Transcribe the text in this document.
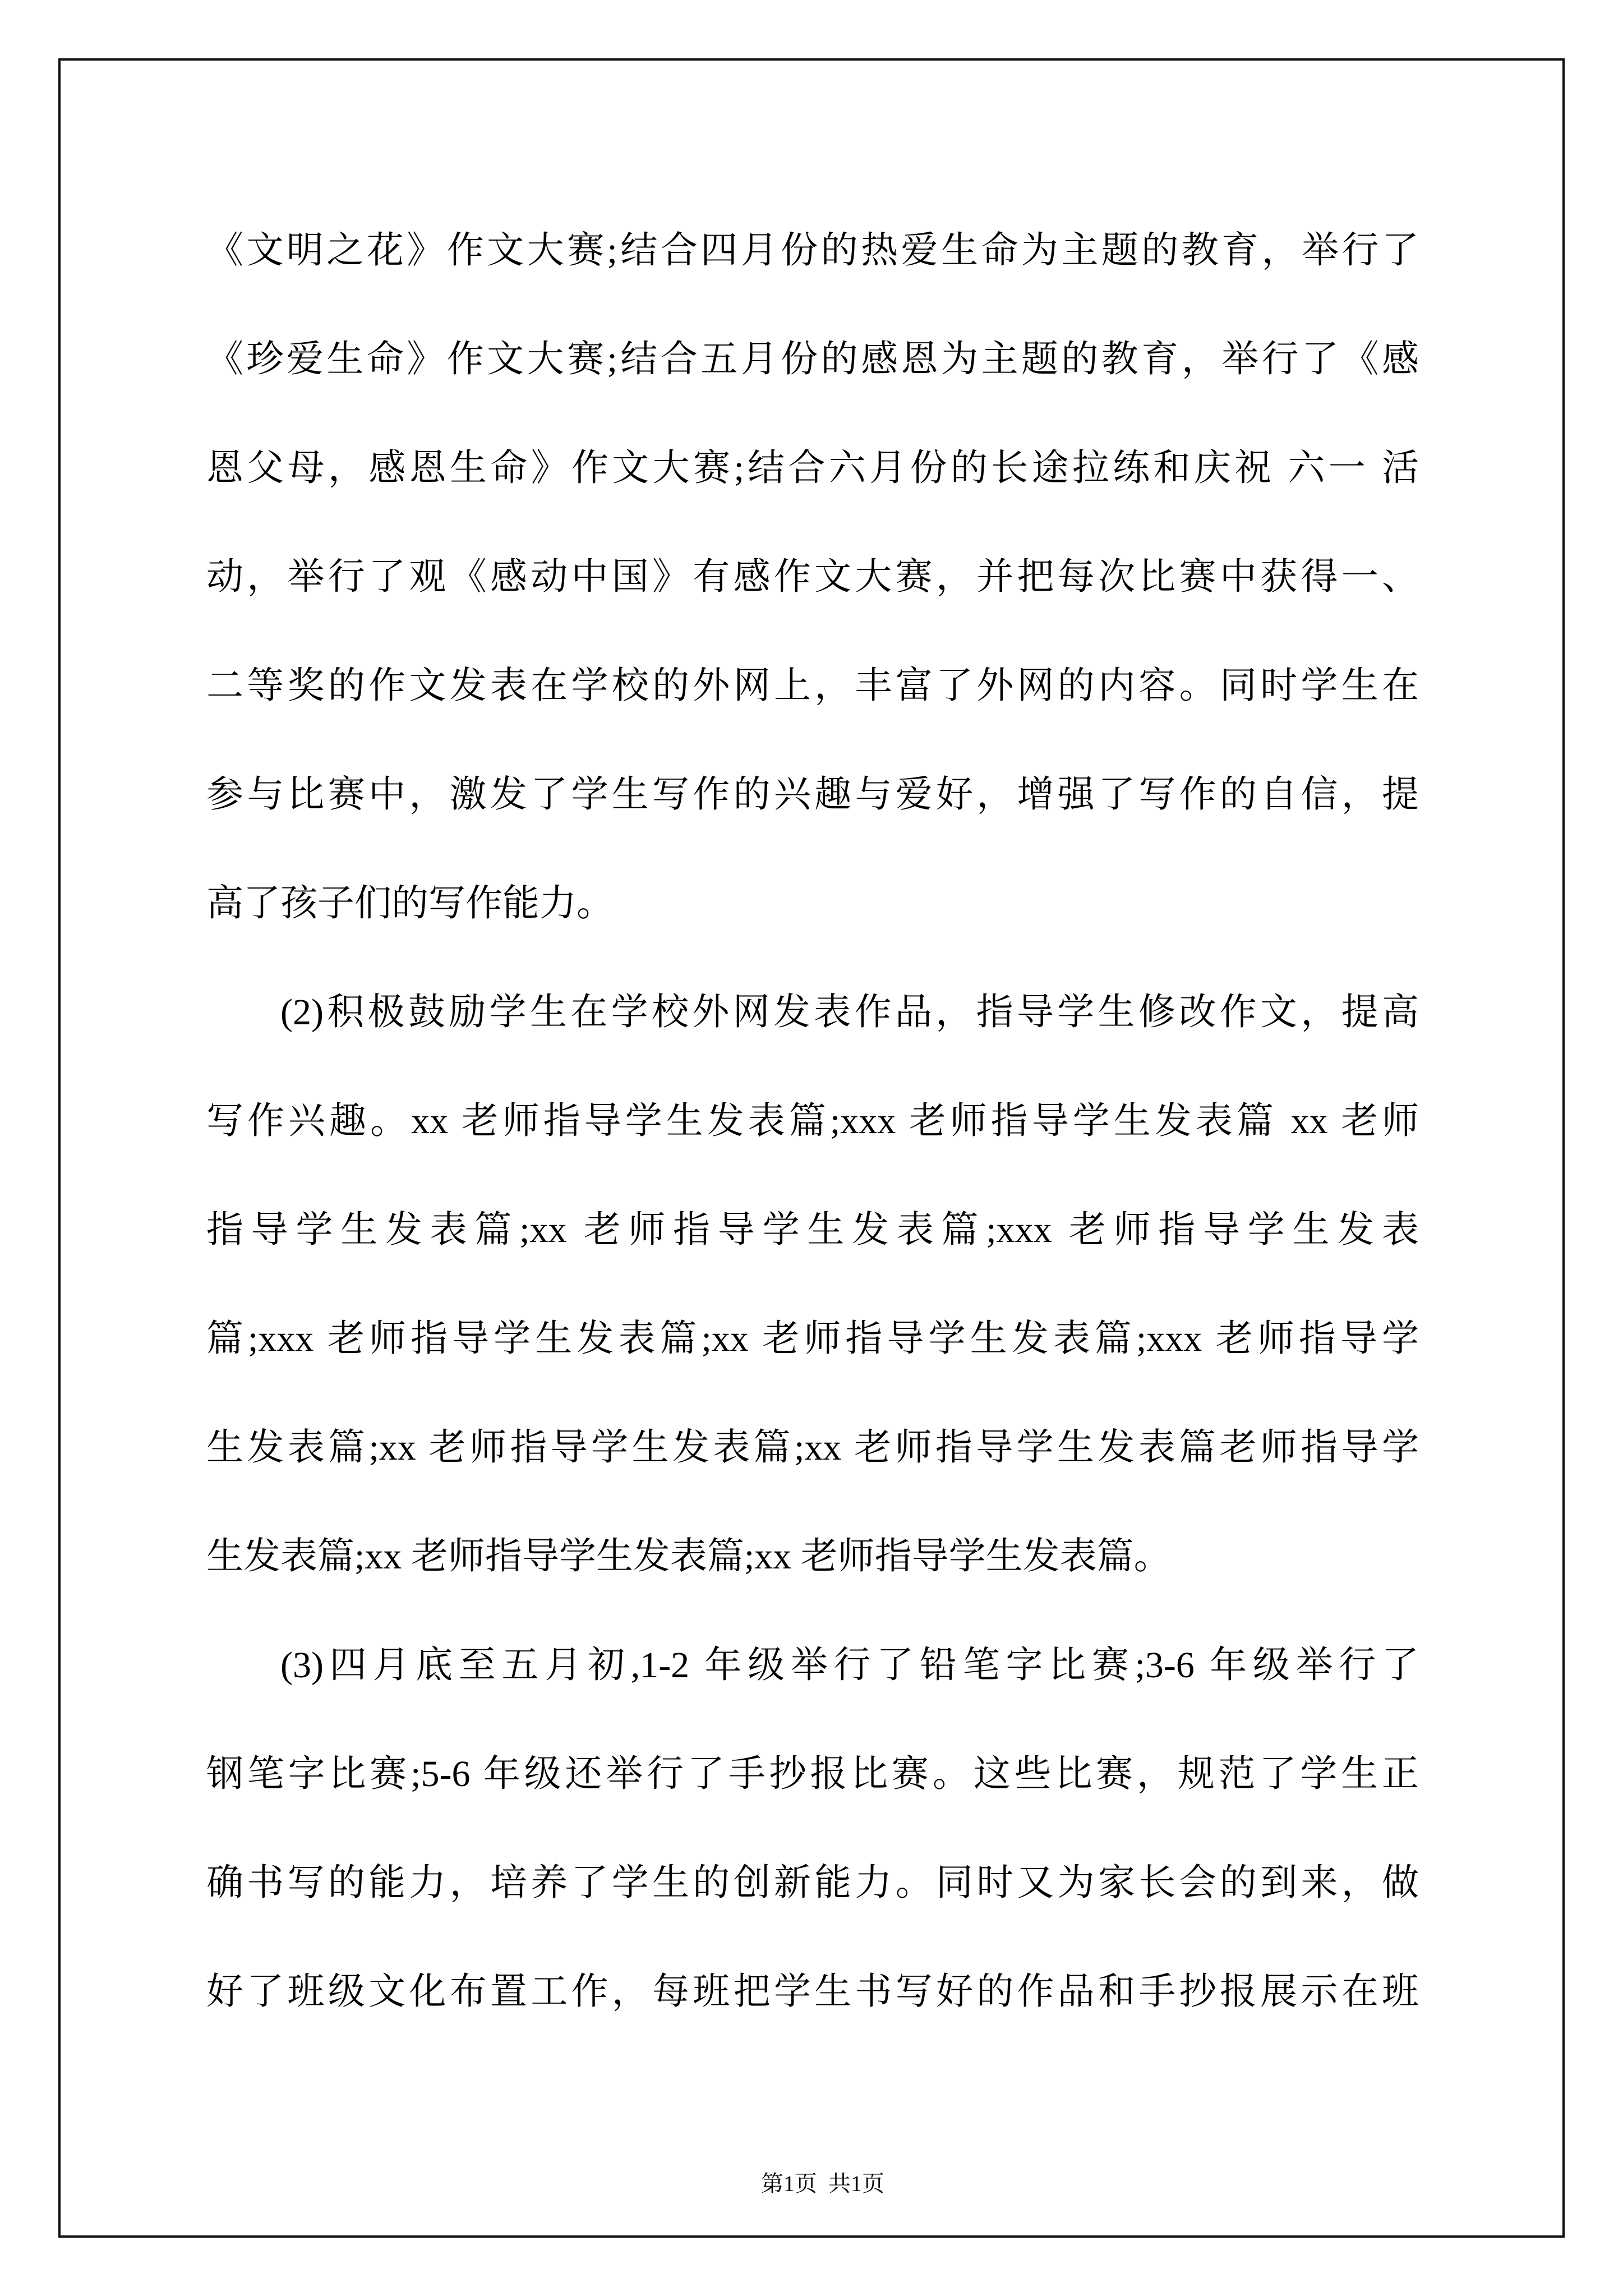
《文明之花》作文大赛;结合四月份的热爱生命为主题的教育，举行了
《珍爱生命》作文大赛;结合五月份的感恩为主题的教育，举行了《感
恩父母，感恩生命》作文大赛;结合六月份的长途拉练和庆祝 六一 活
动，举行了观《感动中国》有感作文大赛，并把每次比赛中获得一、
二等奖的作文发表在学校的外网上，丰富了外网的内容。同时学生在
参与比赛中，激发了学生写作的兴趣与爱好，增强了写作的自信，提
高了孩子们的写作能力。
(2)积极鼓励学生在学校外网发表作品，指导学生修改作文，提高
写作兴趣。xx 老师指导学生发表篇;xxx 老师指导学生发表篇 xx 老师
指导学生发表篇;xx 老师指导学生发表篇;xxx 老师指导学生发表
篇;xxx 老师指导学生发表篇;xx 老师指导学生发表篇;xxx 老师指导学
生发表篇;xx 老师指导学生发表篇;xx 老师指导学生发表篇老师指导学
生发表篇;xx 老师指导学生发表篇;xx 老师指导学生发表篇。
(3)四月底至五月初,1-2 年级举行了铅笔字比赛;3-6 年级举行了
钢笔字比赛;5-6 年级还举行了手抄报比赛。这些比赛，规范了学生正
确书写的能力，培养了学生的创新能力。同时又为家长会的到来，做
好了班级文化布置工作，每班把学生书写好的作品和手抄报展示在班

第1页  共1页
